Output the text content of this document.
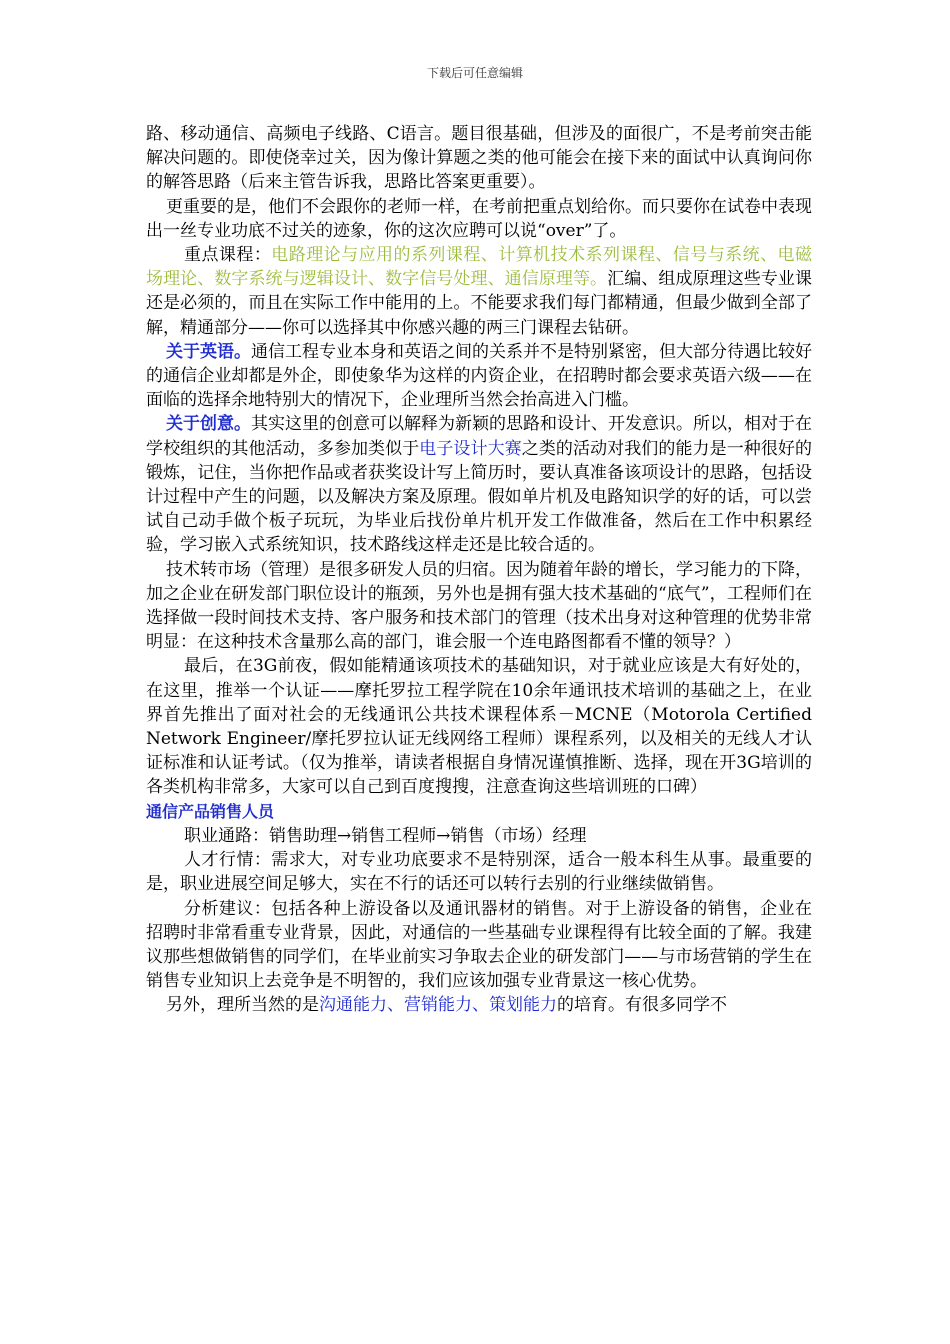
下载后可任意编辑

路、移动通信、高频电子线路、C语言。题目很基础，但涉及的面很广，不是考前突击能解决问题的。即使侥幸过关，因为像计算题之类的他可能会在接下来的面试中认真询问你的解答思路（后来主管告诉我，思路比答案更重要）。

更重要的是，他们不会跟你的老师一样，在考前把重点划给你。而只要你在试卷中表现出一丝专业功底不过关的迹象，你的这次应聘可以说“over”了。

重点课程：电路理论与应用的系列课程、计算机技术系列课程、信号与系统、电磁场理论、数字系统与逻辑设计、数字信号处理、通信原理等。汇编、组成原理这些专业课还是必须的，而且在实际工作中能用的上。不能要求我们每门都精通，但最少做到全部了解，精通部分——你可以选择其中你感兴趣的两三门课程去钻研。

关于英语。通信工程专业本身和英语之间的关系并不是特别紧密，但大部分待遇比较好的通信企业却都是外企，即使象华为这样的内资企业，在招聘时都会要求英语六级——在面临的选择余地特别大的情况下，企业理所当然会抬高进入门槛。

关于创意。其实这里的创意可以解释为新颖的思路和设计、开发意识。所以，相对于在学校组织的其他活动，多参加类似于电子设计大赛之类的活动对我们的能力是一种很好的锻炼，记住，当你把作品或者获奖设计写上简历时，要认真准备该项设计的思路，包括设计过程中产生的问题，以及解决方案及原理。假如单片机及电路知识学的好的话，可以尝试自己动手做个板子玩玩，为毕业后找份单片机开发工作做准备，然后在工作中积累经验，学习嵌入式系统知识，技术路线这样走还是比较合适的。

技术转市场（管理）是很多研发人员的归宿。因为随着年龄的增长，学习能力的下降，加之企业在研发部门职位设计的瓶颈，另外也是拥有强大技术基础的“底气”，工程师们在选择做一段时间技术支持、客户服务和技术部门的管理（技术出身对这种管理的优势非常明显：在这种技术含量那么高的部门，谁会服一个连电路图都看不懂的领导？）

最后，在3G前夜，假如能精通该项技术的基础知识，对于就业应该是大有好处的，在这里，推举一个认证——摩托罗拉工程学院在10余年通讯技术培训的基础之上，在业界首先推出了面对社会的无线通讯公共技术课程体系－MCNE（Motorola Certified Network Engineer/摩托罗拉认证无线网络工程师）课程系列，以及相关的无线人才认证标准和认证考试。（仅为推举，请读者根据自身情况谨慎推断、选择，现在开3G培训的各类机构非常多，大家可以自己到百度搜搜，注意查询这些培训班的口碑）

通信产品销售人员

职业通路：销售助理→销售工程师→销售（市场）经理

人才行情：需求大，对专业功底要求不是特别深，适合一般本科生从事。最重要的是，职业进展空间足够大，实在不行的话还可以转行去别的行业继续做销售。

分析建议：包括各种上游设备以及通讯器材的销售。对于上游设备的销售，企业在招聘时非常看重专业背景，因此，对通信的一些基础专业课程得有比较全面的了解。我建议那些想做销售的同学们，在毕业前实习争取去企业的研发部门——与市场营销的学生在销售专业知识上去竞争是不明智的，我们应该加强专业背景这一核心优势。

另外，理所当然的是沟通能力、营销能力、策划能力的培育。有很多同学不
